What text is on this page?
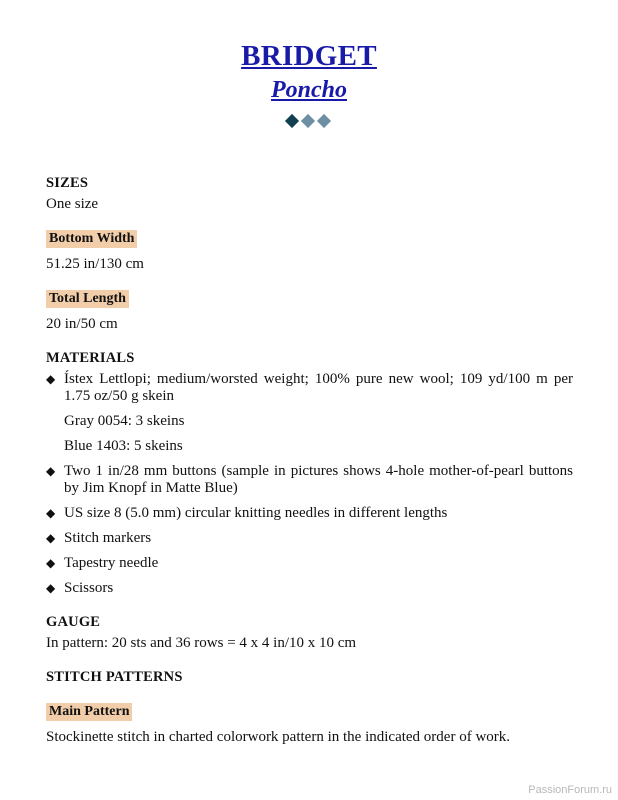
BRIDGET
Poncho
SIZES
One size
Bottom Width
51.25 in/130 cm
Total Length
20 in/50 cm
MATERIALS
◆ Ístex Lettlopi; medium/worsted weight; 100% pure new wool; 109 yd/100 m per 1.75 oz/50 g skein
Gray 0054: 3 skeins
Blue 1403: 5 skeins
◆ Two 1 in/28 mm buttons (sample in pictures shows 4-hole mother-of-pearl buttons by Jim Knopf in Matte Blue)
◆ US size 8 (5.0 mm) circular knitting needles in different lengths
◆ Stitch markers
◆ Tapestry needle
◆ Scissors
GAUGE
In pattern: 20 sts and 36 rows = 4 x 4 in/10 x 10 cm
STITCH PATTERNS
Main Pattern
Stockinette stitch in charted colorwork pattern in the indicated order of work.
PassionForum.ru
